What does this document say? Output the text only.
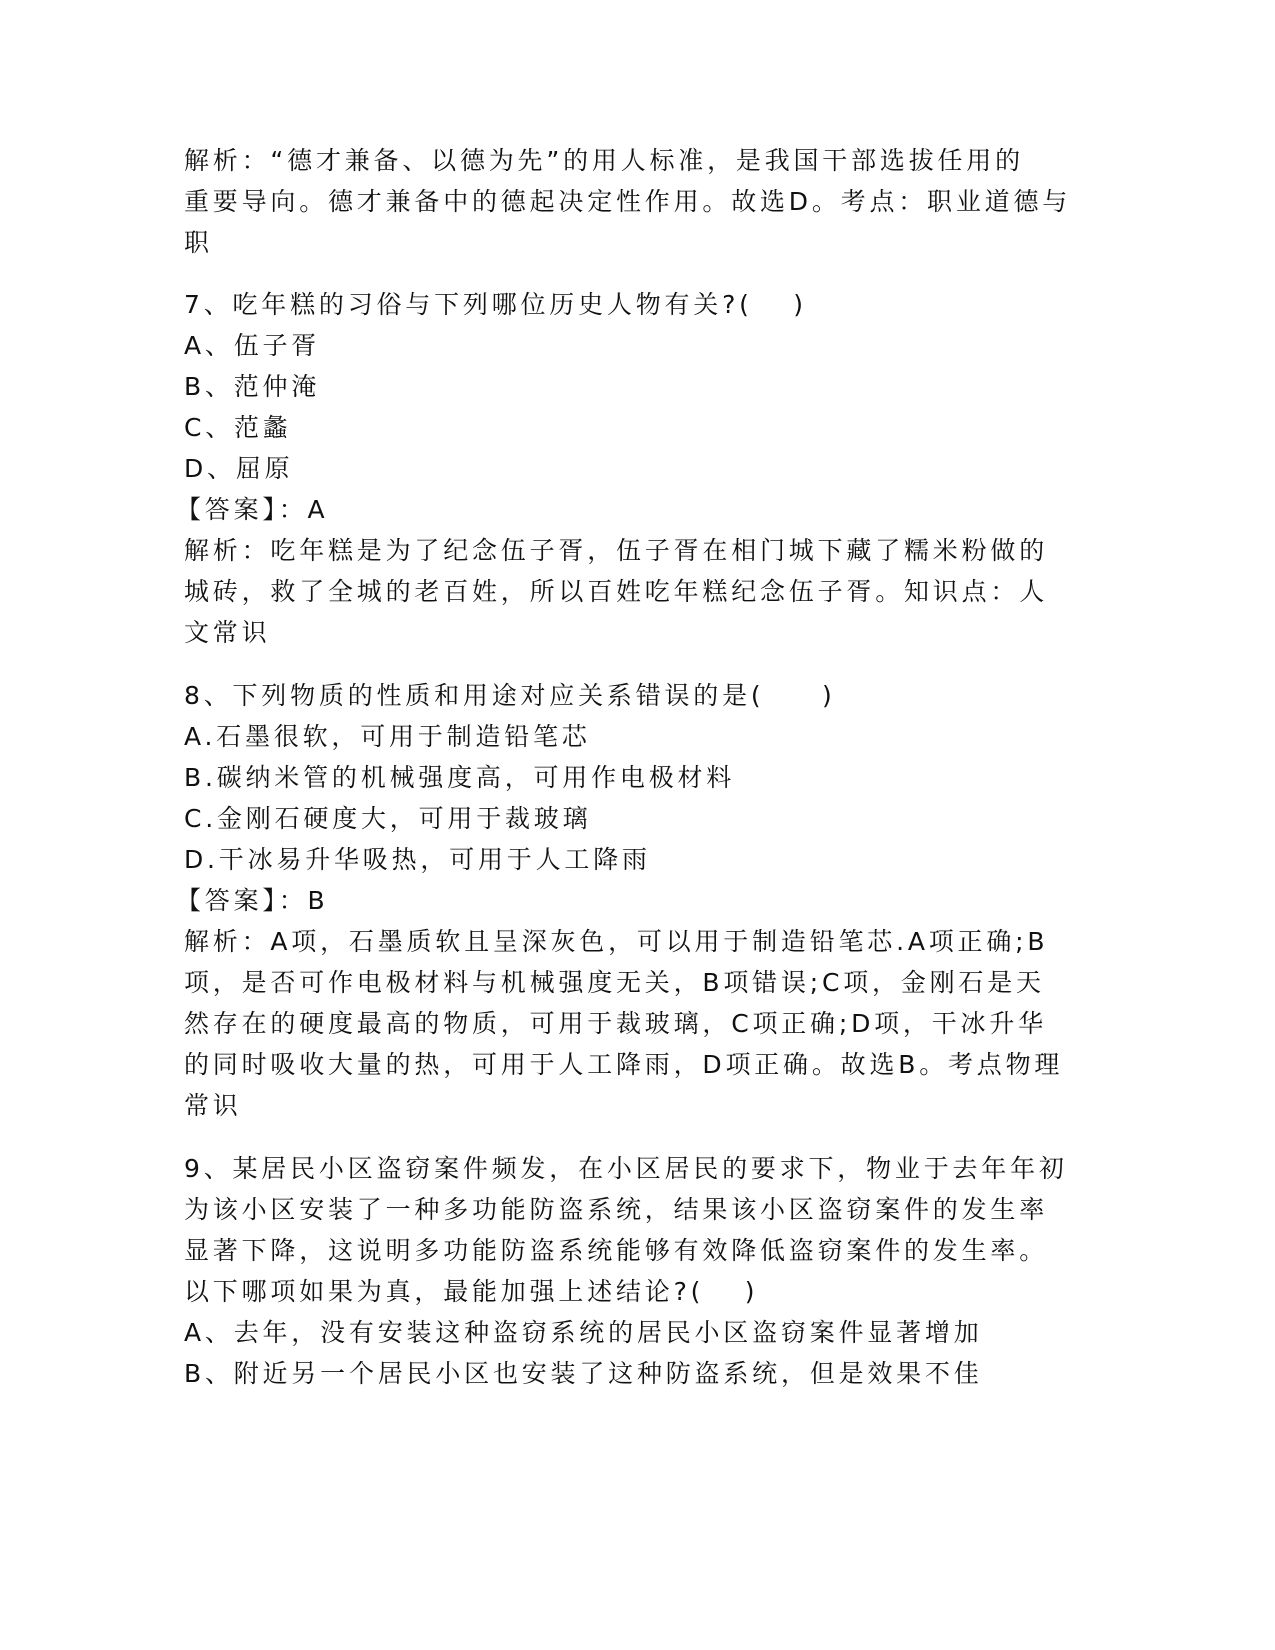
解析：“德才兼备、以德为先”的用人标准，是我国干部选拔任用的
重要导向。德才兼备中的德起决定性作用。故选D。考点：职业道德与
职
7、吃年糕的习俗与下列哪位历史人物有关?(　 )
A、伍子胥
B、范仲淹
C、范蠡
D、屈原
【答案】：A
解析：吃年糕是为了纪念伍子胥，伍子胥在相门城下藏了糯米粉做的
城砖，救了全城的老百姓，所以百姓吃年糕纪念伍子胥。知识点：人
文常识
8、下列物质的性质和用途对应关系错误的是(　　)
A.石墨很软，可用于制造铅笔芯
B.碳纳米管的机械强度高，可用作电极材料
C.金刚石硬度大，可用于裁玻璃
D.干冰易升华吸热，可用于人工降雨
【答案】：B
解析：A项，石墨质软且呈深灰色，可以用于制造铅笔芯.A项正确;B
项，是否可作电极材料与机械强度无关，B项错误;C项，金刚石是天
然存在的硬度最高的物质，可用于裁玻璃，C项正确;D项，干冰升华
的同时吸收大量的热，可用于人工降雨，D项正确。故选B。考点物理
常识
9、某居民小区盗窃案件频发，在小区居民的要求下，物业于去年年初
为该小区安装了一种多功能防盗系统，结果该小区盗窃案件的发生率
显著下降，这说明多功能防盗系统能够有效降低盗窃案件的发生率。
以下哪项如果为真，最能加强上述结论?(　 )
A、去年，没有安装这种盗窃系统的居民小区盗窃案件显著增加
B、附近另一个居民小区也安装了这种防盗系统，但是效果不佳
